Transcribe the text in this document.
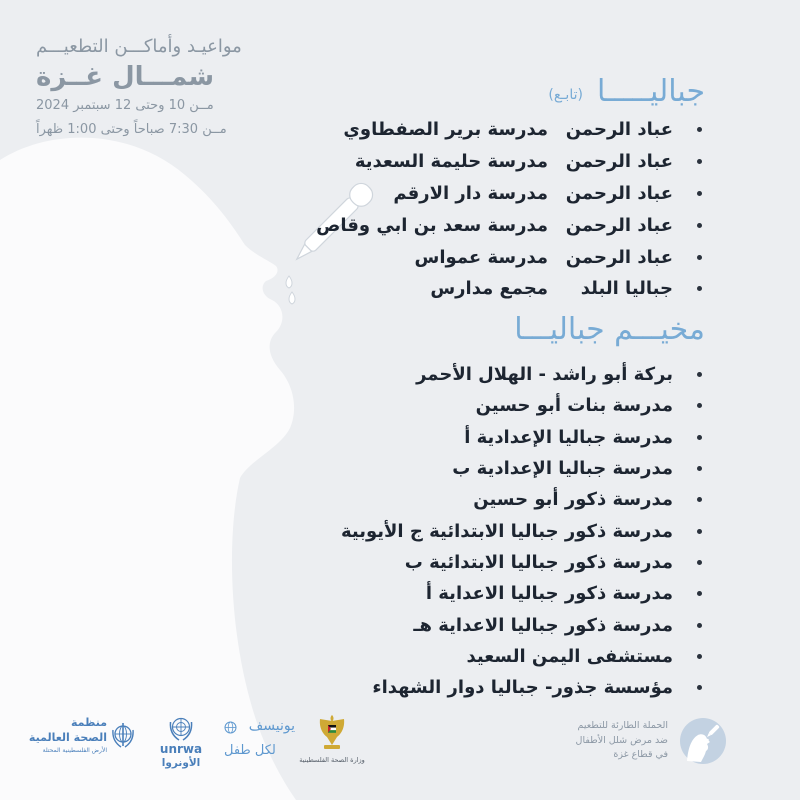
مواعيـد وأماكـــن التطعيـــم
شمـــال غــزة
مــن 10 وحتى 12 سبتمبر 2024
مــن 7:30 صباحاً وحتى 1:00 ظهراً
جباليـــــا
(تابـع)
عباد الرحمن
مدرسة برير الصفطاوي
عباد الرحمن
مدرسة حليمة السعدية
عباد الرحمن
مدرسة دار الارقم
عباد الرحمن
مدرسة سعد بن ابي وقاص
عباد الرحمن
مدرسة عمواس
جباليا البلد
مجمع مدارس
مخيـــم جباليـــا
بركة أبو راشد - الهلال الأحمر
مدرسة بنات أبو حسين
مدرسة جباليا الإعدادية أ
مدرسة جباليا الإعدادية ب
مدرسة ذكور أبو حسين
مدرسة ذكور جباليا الابتدائية ج الأيوبية
مدرسة ذكور جباليا الابتدائية ب
مدرسة ذكور جباليا الاعداية أ
مدرسة ذكور جباليا الاعداية هـ
مستشفى اليمن السعيد
مؤسسة جذور- جباليا دوار الشهداء
منظمة
الصحة العالمية
الأرض الفلسطينية المحتلة	unrwa
الأونروا
يونيسف
لكل طفل
وزارة الصحة الفلسطينية
الحملة الطارئة للتطعيم
ضد مرض شلل الأطفال
في قطاع غزة
